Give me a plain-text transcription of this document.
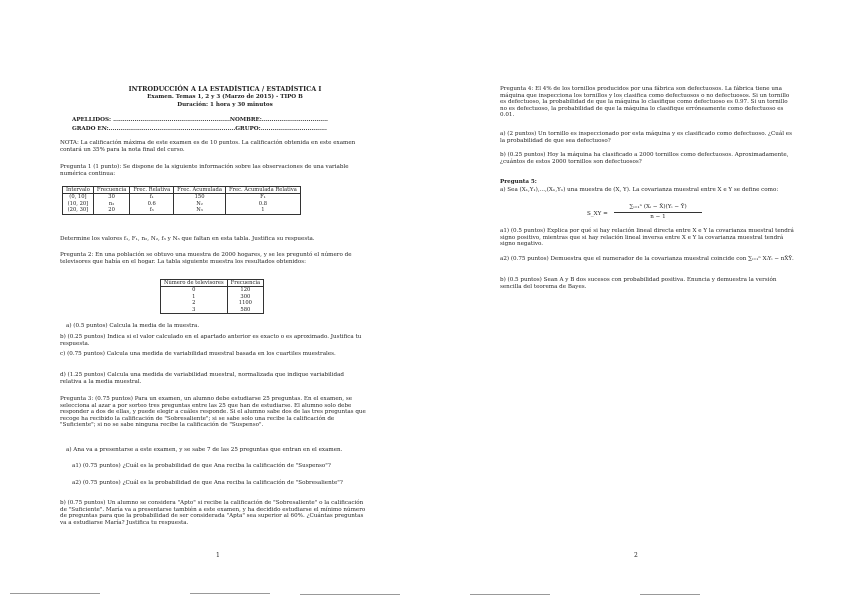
INTRODUCCIÓN A LA ESTADÍSTICA / ESTADÍSTICA I
Examen. Temas 1, 2 y 3 (Marzo de 2015) - TIPO B
Duración: 1 hora y 30 minutos
APELLIDOS: ............................................................NOMBRE:..................................
GRADO EN:.................................................................GRUPO:..................................
NOTA: La calificación máxima de este examen es de 10 puntos. La calificación obtenida en este examen contará un 35% para la nota final del curso.
Pregunta 1 (1 punto): Se dispone de la siguiente información sobre las observaciones de una variable numérica continua:
Intervalo	Frecuencia	Frec. Relativa	Frec. Acumulada	Frec. Acumulada Relativa
(0, 10]	30	f₁	150	F₁
(10, 20]	n₂	0.6	N₂	0.8
(20, 30]	20	f₃	N₃	1
Determine los valores f₁, F₁, n₂, N₂, f₃ y N₃ que faltan en esta tabla. Justifica su respuesta.
Pregunta 2: En una población se obtuvo una muestra de 2000 hogares, y se les preguntó el número de televisores que había en el hogar. La tabla siguiente muestra los resultados obtenidos:
Número de televisores	Frecuencia
0	120
1	300
2	1100
3	580
a) (0.5 puntos) Calcula la media de la muestra.
b) (0.25 puntos) Indica si el valor calculado en el apartado anterior es exacto o es aproximado. Justifica tu respuesta.
c) (0.75 puntos) Calcula una medida de variabilidad muestral basada en los cuartiles muestrales.
d) (1.25 puntos) Calcula una medida de variabilidad muestral, normalizada que indique variabilidad relativa a la media muestral.
Pregunta 3: (0.75 puntos) Para un examen, un alumno debe estudiarse 25 preguntas. En el examen, se selecciona al azar a por sorteo tres preguntas entre las 25 que han de estudiarse. El alumno solo debe responder a dos de ellas, y puede elegir a cuáles responde. Si el alumno sabe dos de las tres preguntas que recoge ha recibido la calificación de "Sobresaliente"; si se sabe solo una recibe la calificación de "Suficiente"; si no se sabe ninguna recibe la calificación de "Suspenso".
a) Ana va a presentarse a este examen, y se sabe 7 de las 25 preguntas que entran en el examen.
a1) (0.75 puntos) ¿Cuál es la probabilidad de que Ana reciba la calificación de "Suspenso"?
a2) (0.75 puntos) ¿Cuál es la probabilidad de que Ana reciba la calificación de "Sobresaliente"?
b) (0.75 puntos) Un alumno se considera "Apto" si recibe la calificación de "Sobresaliente" o la calificación de "Suficiente". María va a presentarse también a este examen, y ha decidido estudiarse el mínimo número de preguntas para que la probabilidad de ser considerada "Apta" sea superior al 60%. ¿Cuántas preguntas va a estudiarse María? Justifica tu respuesta.
1
Pregunta 4: El 4% de los tornillos producidos por una fábrica son defectuosos. La fábrica tiene una máquina que inspecciona los tornillos y los clasifica como defectuosos o no defectuosos. Si un tornillo es defectuoso, la probabilidad de que la máquina lo clasifique como defectuoso es 0.97. Si un tornillo no es defectuoso, la probabilidad de que la máquina lo clasifique erróneamente como defectuoso es 0.01.
a) (2 puntos) Un tornillo es inspeccionado por esta máquina y es clasificado como defectuoso. ¿Cuál es la probabilidad de que sea defectuoso?
b) (0.25 puntos) Hoy la máquina ha clasificado a 2000 tornillos como defectuosos. Aproximadamente, ¿cuántos de estos 2000 tornillos son defectuosos?
Pregunta 5:
a) Sea (X₁,Y₁),...,(Xₙ,Yₙ) una muestra de (X, Y). La covarianza muestral entre X e Y se define como:
S_XY =
∑ᵢ₌₁ⁿ (Xᵢ − X̄)(Yᵢ − Ȳ)
n − 1
a1) (0.5 puntos) Explica por qué si hay relación lineal directa entre X e Y la covarianza muestral tendrá signo positivo, mientras que si hay relación lineal inversa entre X e Y la covarianza muestral tendrá signo negativo.
a2) (0.75 puntos) Demuestra que el numerador de la covarianza muestral coincide con ∑ᵢ₌₁ⁿ XᵢYᵢ − nX̄Ȳ.
b) (0.5 puntos) Sean A y B dos sucesos con probabilidad positiva. Enuncia y demuestra la versión sencilla del teorema de Bayes.
2
